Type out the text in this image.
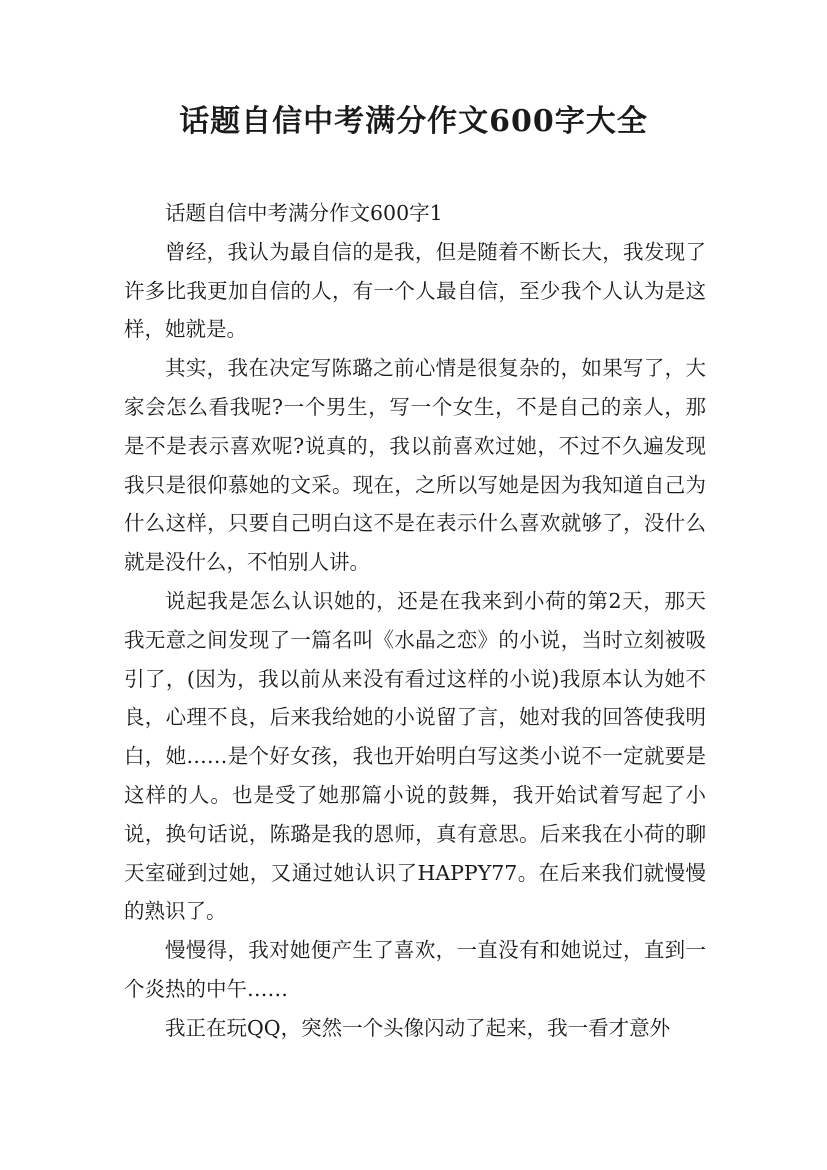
话题自信中考满分作文600字大全

话题自信中考满分作文600字1

曾经，我认为最自信的是我，但是随着不断长大，我发现了许多比我更加自信的人，有一个人最自信，至少我个人认为是这样，她就是。

其实，我在决定写陈璐之前心情是很复杂的，如果写了，大家会怎么看我呢?一个男生，写一个女生，不是自己的亲人，那是不是表示喜欢呢?说真的，我以前喜欢过她，不过不久遍发现我只是很仰慕她的文采。现在，之所以写她是因为我知道自己为什么这样，只要自己明白这不是在表示什么喜欢就够了，没什么就是没什么，不怕别人讲。

说起我是怎么认识她的，还是在我来到小荷的第2天，那天我无意之间发现了一篇名叫《水晶之恋》的小说，当时立刻被吸引了，(因为，我以前从来没有看过这样的小说)我原本认为她不良，心理不良，后来我给她的小说留了言，她对我的回答使我明白，她……是个好女孩，我也开始明白写这类小说不一定就要是这样的人。也是受了她那篇小说的鼓舞，我开始试着写起了小说，换句话说，陈璐是我的恩师，真有意思。后来我在小荷的聊天室碰到过她，又通过她认识了HAPPY77。在后来我们就慢慢的熟识了。

慢慢得，我对她便产生了喜欢，一直没有和她说过，直到一个炎热的中午……

我正在玩QQ，突然一个头像闪动了起来，我一看才意外
